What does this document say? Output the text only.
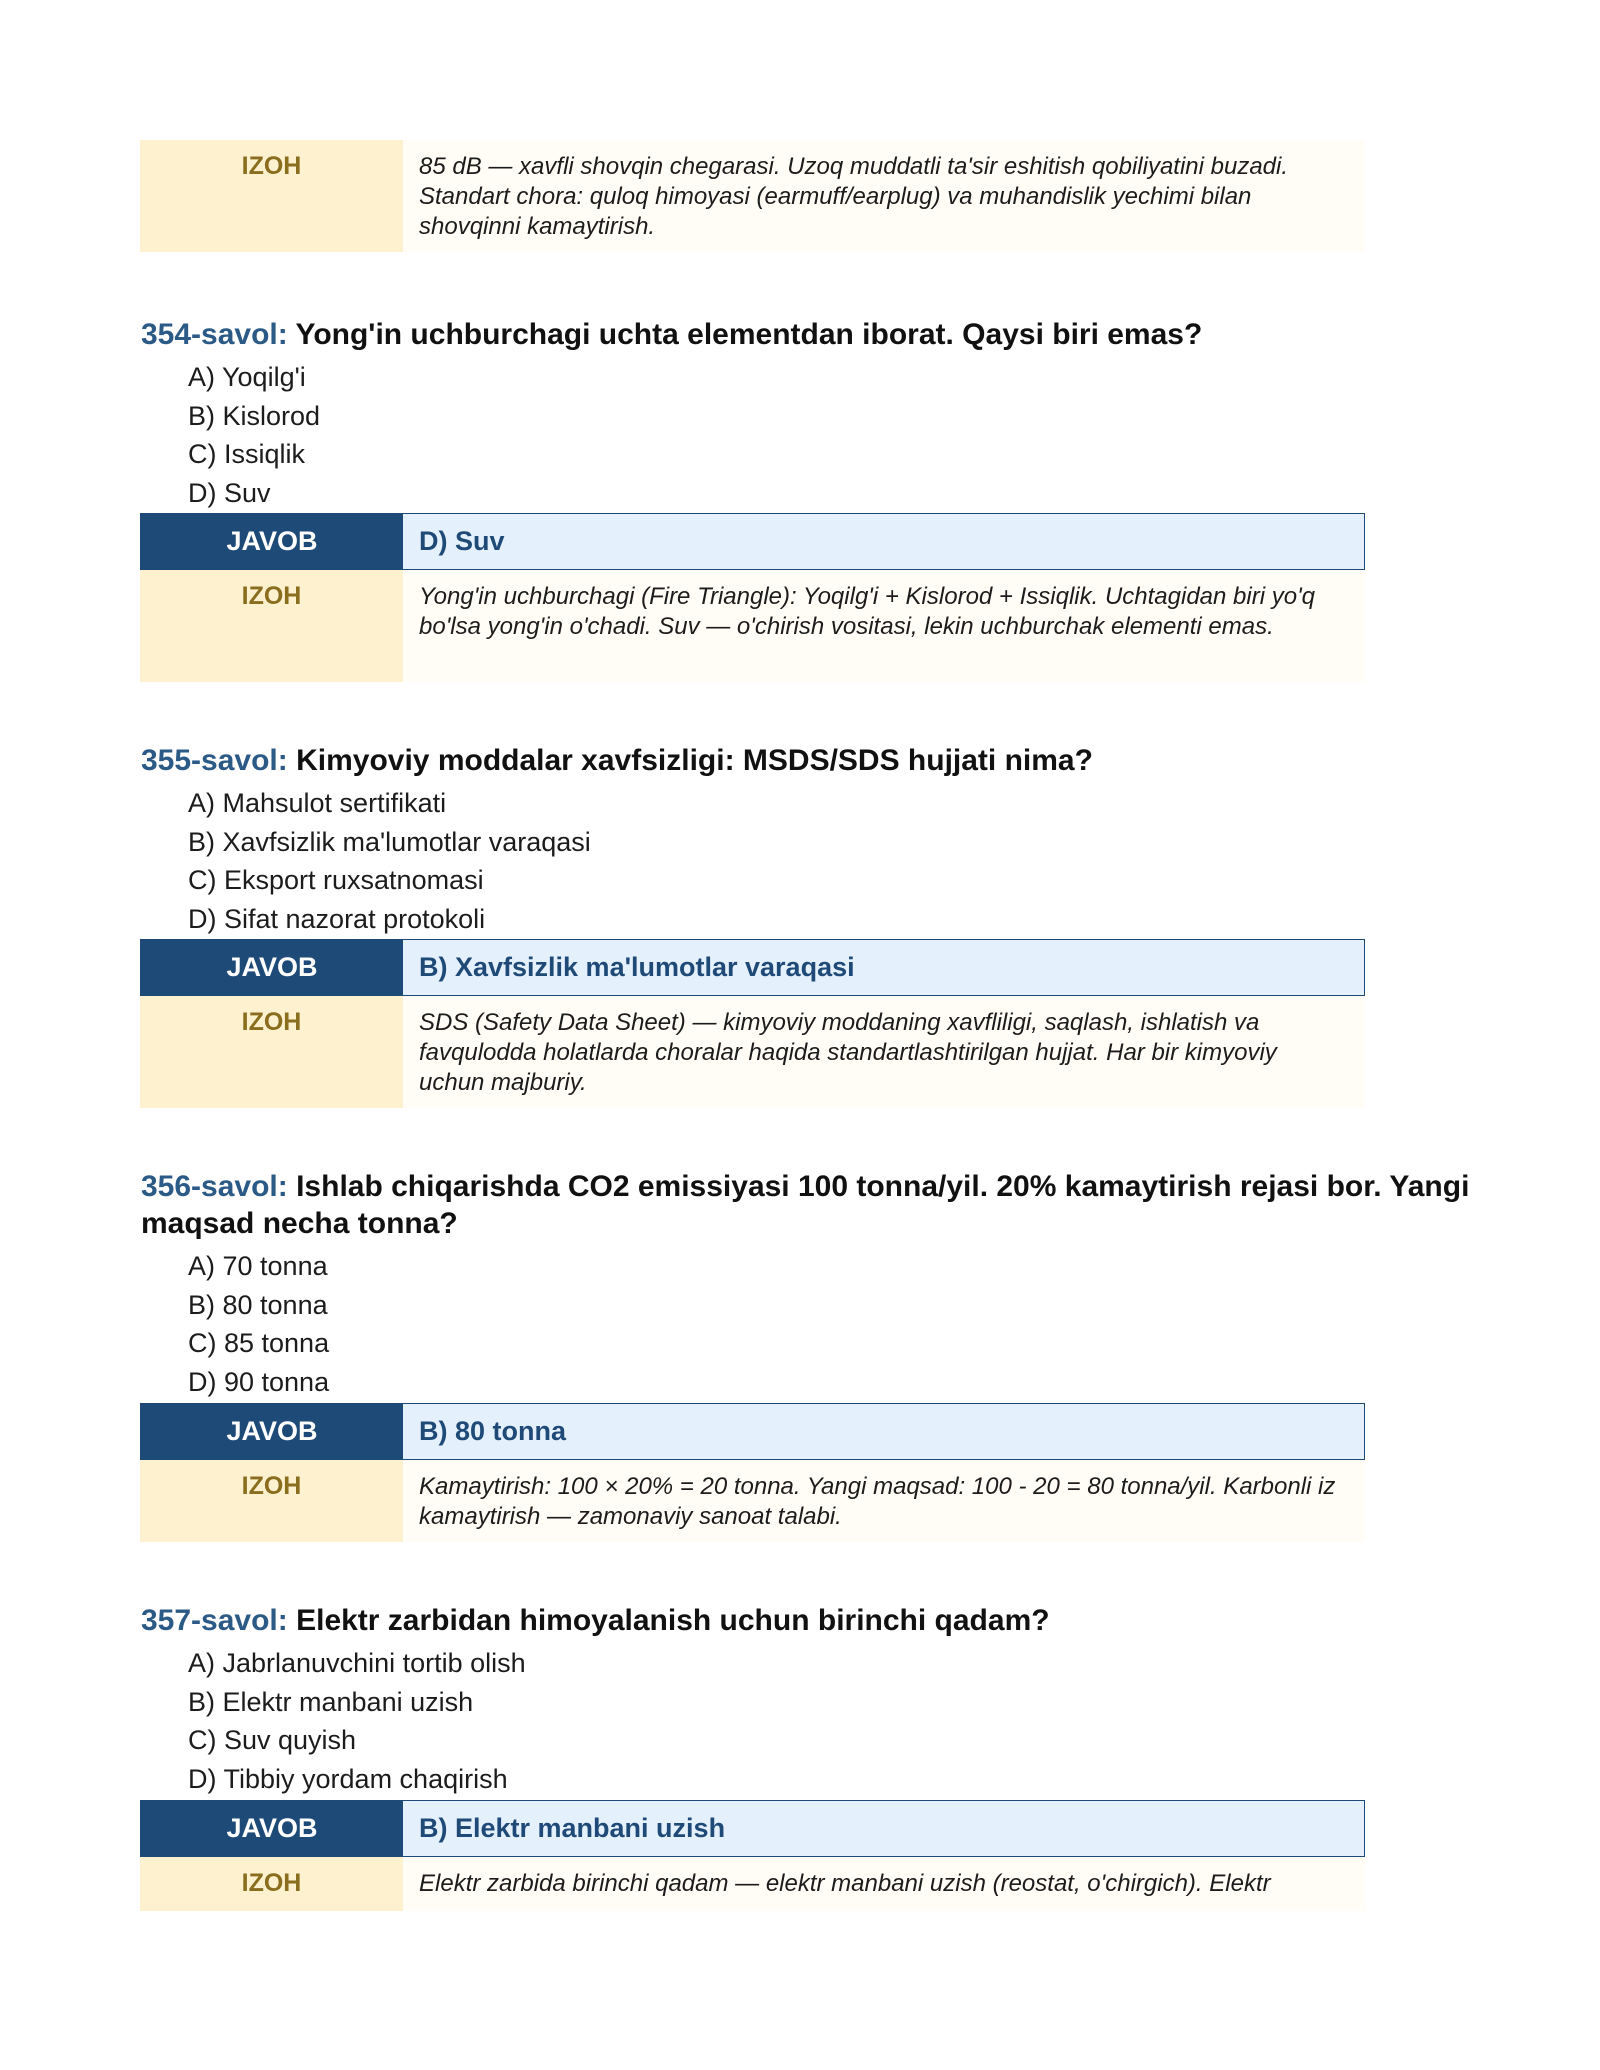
IZOH	85 dB — xavfli shovqin chegarasi. Uzoq muddatli ta'sir eshitish qobiliyatini buzadi. Standart chora: quloq himoyasi (earmuff/earplug) va muhandislik yechimi bilan shovqinni kamaytirish.
354-savol: Yong'in uchburchagi uchta elementdan iborat. Qaysi biri emas?
A) Yoqilg'i
B) Kislorod
C) Issiqlik
D) Suv
JAVOB	D) Suv
IZOH	Yong'in uchburchagi (Fire Triangle): Yoqilg'i + Kislorod + Issiqlik. Uchtagidan biri yo'q bo'lsa yong'in o'chadi. Suv — o'chirish vositasi, lekin uchburchak elementi emas.
355-savol: Kimyoviy moddalar xavfsizligi: MSDS/SDS hujjati nima?
A) Mahsulot sertifikati
B) Xavfsizlik ma'lumotlar varaqasi
C) Eksport ruxsatnomasi
D) Sifat nazorat protokoli
JAVOB	B) Xavfsizlik ma'lumotlar varaqasi
IZOH	SDS (Safety Data Sheet) — kimyoviy moddaning xavfliligi, saqlash, ishlatish va favqulodda holatlarda choralar haqida standartlashtirilgan hujjat. Har bir kimyoviy uchun majburiy.
356-savol: Ishlab chiqarishda CO2 emissiyasi 100 tonna/yil. 20% kamaytirish rejasi bor. Yangi maqsad necha tonna?
A) 70 tonna
B) 80 tonna
C) 85 tonna
D) 90 tonna
JAVOB	B) 80 tonna
IZOH	Kamaytirish: 100 × 20% = 20 tonna. Yangi maqsad: 100 - 20 = 80 tonna/yil. Karbonli iz kamaytirish — zamonaviy sanoat talabi.
357-savol: Elektr zarbidan himoyalanish uchun birinchi qadam?
A) Jabrlanuvchini tortib olish
B) Elektr manbani uzish
C) Suv quyish
D) Tibbiy yordam chaqirish
JAVOB	B) Elektr manbani uzish
IZOH	Elektr zarbida birinchi qadam — elektr manbani uzish (reostat, o'chirgich). Elektr
